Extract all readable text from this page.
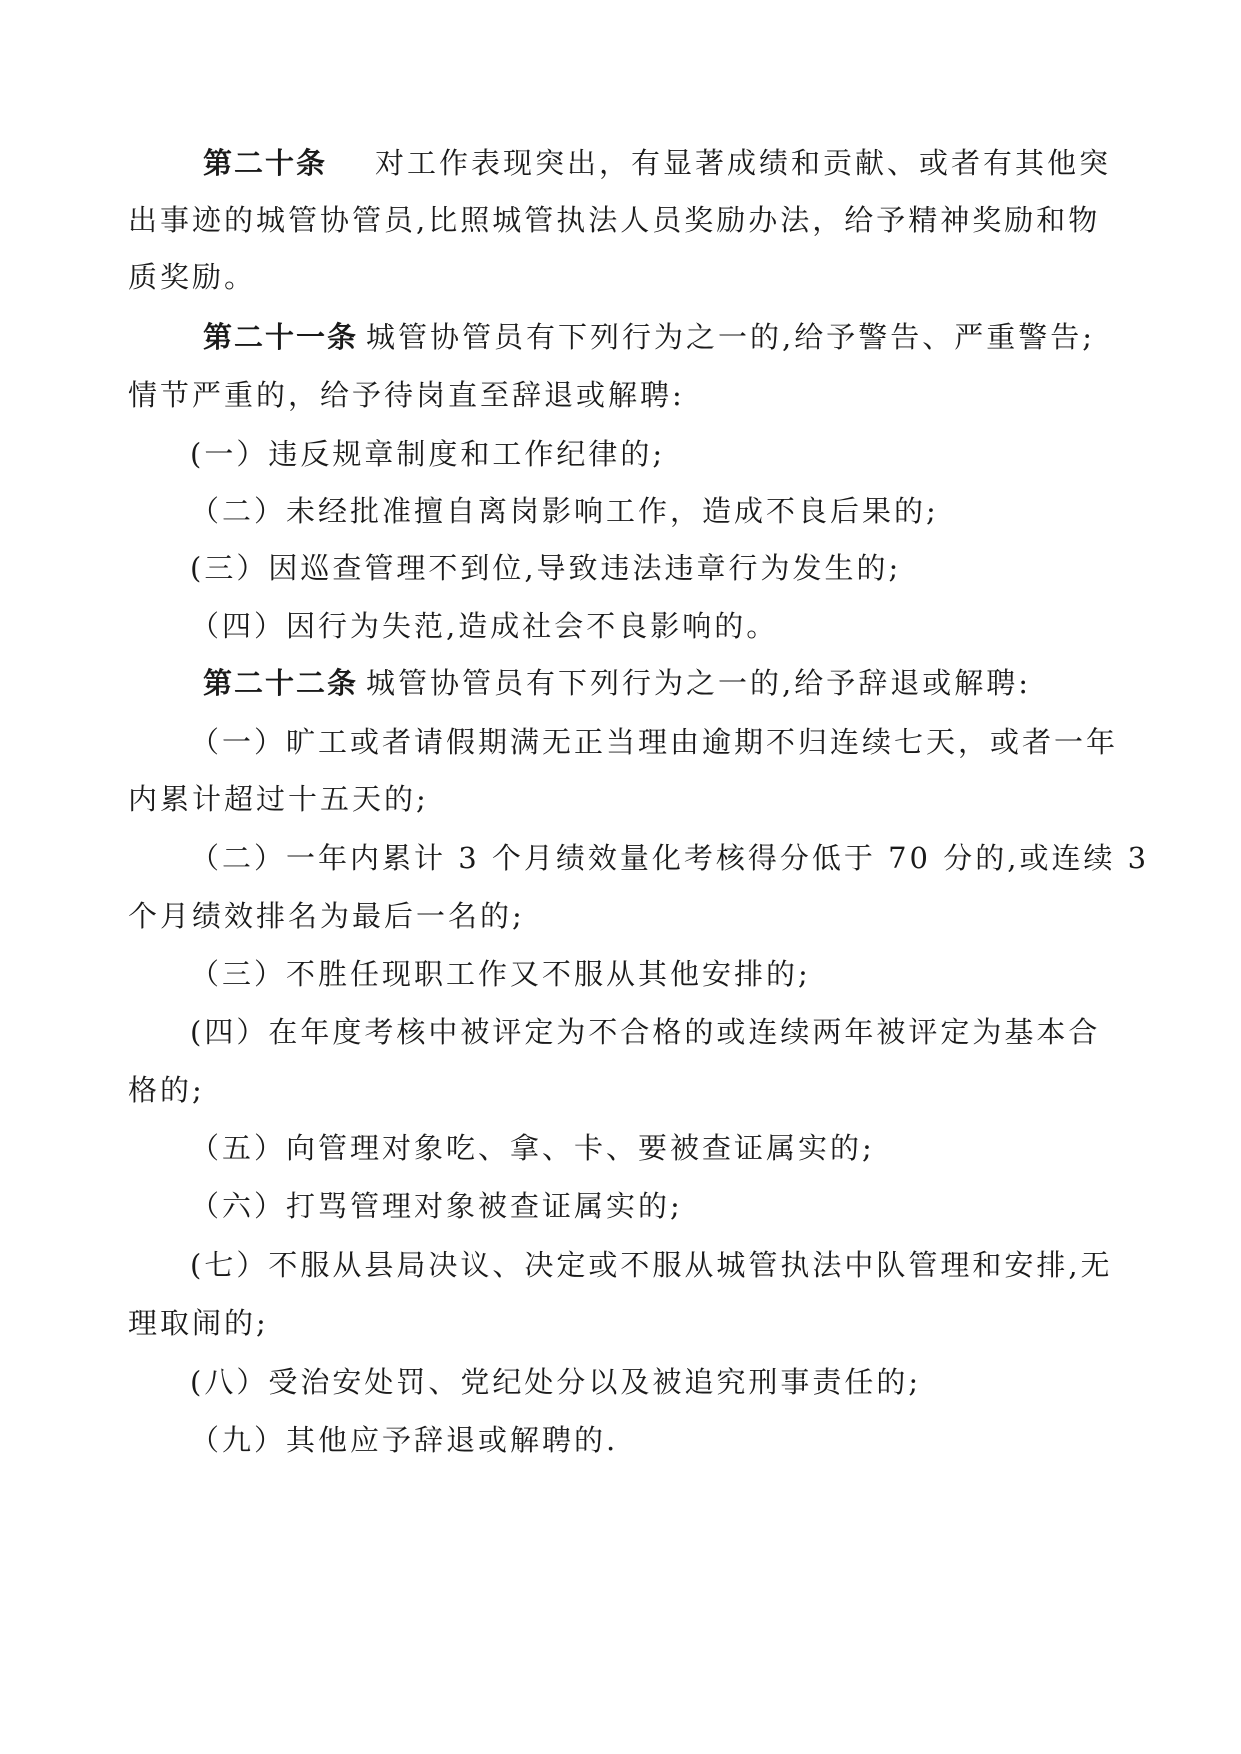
第二十条 对工作表现突出，有显著成绩和贡献、或者有其他突
出事迹的城管协管员,比照城管执法人员奖励办法，给予精神奖励和物
质奖励。
第二十一条 城管协管员有下列行为之一的,给予警告、严重警告;
情节严重的，给予待岗直至辞退或解聘:
(一）违反规章制度和工作纪律的;
（二）未经批准擅自离岗影响工作，造成不良后果的;
(三）因巡查管理不到位,导致违法违章行为发生的;
（四）因行为失范,造成社会不良影响的。
第二十二条 城管协管员有下列行为之一的,给予辞退或解聘:
（一）旷工或者请假期满无正当理由逾期不归连续七天，或者一年
内累计超过十五天的;
（二）一年内累计 3 个月绩效量化考核得分低于 70 分的,或连续 3
个月绩效排名为最后一名的;
（三）不胜任现职工作又不服从其他安排的;
(四）在年度考核中被评定为不合格的或连续两年被评定为基本合
格的;
（五）向管理对象吃、拿、卡、要被查证属实的;
（六）打骂管理对象被查证属实的;
(七）不服从县局决议、决定或不服从城管执法中队管理和安排,无
理取闹的;
(八）受治安处罚、党纪处分以及被追究刑事责任的;
（九）其他应予辞退或解聘的.
